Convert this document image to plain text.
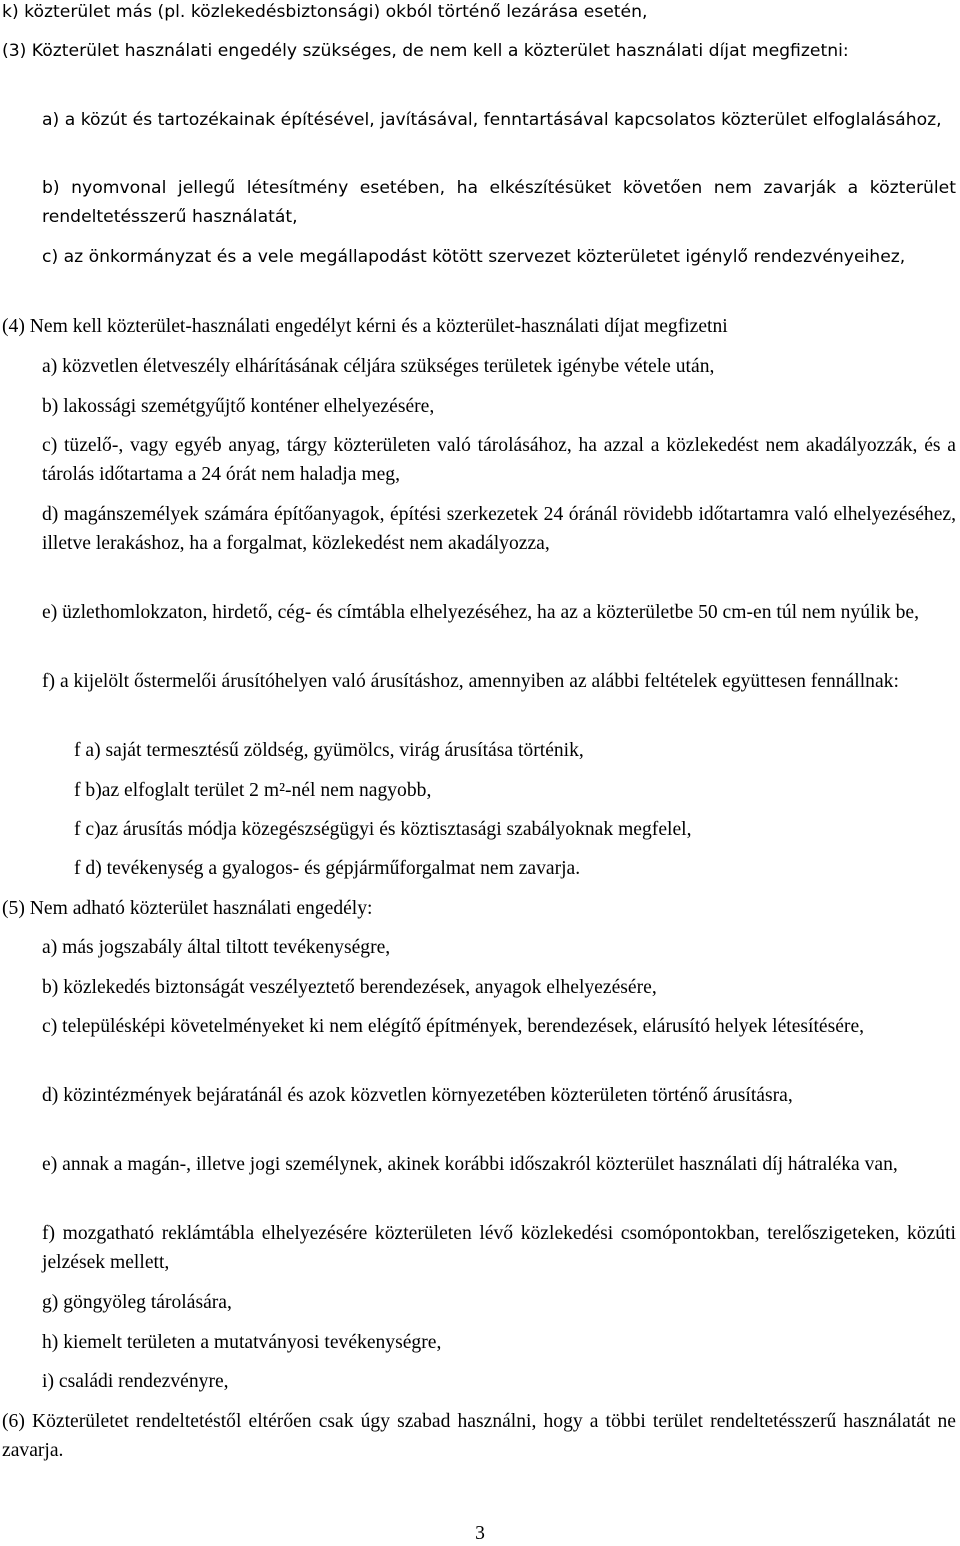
k) közterület más (pl. közlekedésbiztonsági) okból történő lezárása esetén,

(3) Közterület használati engedély szükséges, de nem kell a közterület használati díjat megfizetni:

a) a közút és tartozékainak építésével, javításával, fenntartásával kapcsolatos közterület elfoglalásához,

b) nyomvonal jellegű létesítmény esetében, ha elkészítésüket követően nem zavarják a közterület rendeltetésszerű használatát,

c) az önkormányzat és a vele megállapodást kötött szervezet közterületet igénylő rendezvényeihez,

(4) Nem kell közterület-használati engedélyt kérni és a közterület-használati díjat megfizetni

a) közvetlen életveszély elhárításának céljára szükséges területek igénybe vétele után,

b) lakossági szemétgyűjtő konténer elhelyezésére,

c) tüzelő-, vagy egyéb anyag, tárgy közterületen való tárolásához, ha azzal a közlekedést nem akadályozzák, és a tárolás időtartama a 24 órát nem haladja meg,

d) magánszemélyek számára építőanyagok, építési szerkezetek 24 óránál rövidebb időtartamra való elhelyezéséhez, illetve lerakáshoz, ha a forgalmat, közlekedést nem akadályozza,

e) üzlethomlokzaton, hirdető, cég- és címtábla elhelyezéséhez, ha az a közterületbe 50 cm-en túl nem nyúlik be,

f) a kijelölt őstermelői árusítóhelyen való árusításhoz, amennyiben az alábbi feltételek együttesen fennállnak:

f a) saját termesztésű zöldség, gyümölcs, virág árusítása történik,

f b)az elfoglalt terület 2 m²-nél nem nagyobb,

f c)az árusítás módja közegészségügyi és köztisztasági szabályoknak megfelel,

f d) tevékenység a gyalogos- és gépjárműforgalmat nem zavarja.

(5) Nem adható közterület használati engedély:

a) más jogszabály által tiltott tevékenységre,

b) közlekedés biztonságát veszélyeztető berendezések, anyagok elhelyezésére,

c) településképi követelményeket ki nem elégítő építmények, berendezések, elárusító helyek létesítésére,

d) közintézmények bejáratánál és azok közvetlen környezetében közterületen történő árusításra,

e) annak a magán-, illetve jogi személynek, akinek korábbi időszakról közterület használati díj hátraléka van,

f) mozgatható reklámtábla elhelyezésére közterületen lévő közlekedési csomópontokban, terelőszigeteken, közúti jelzések mellett,

g) göngyöleg tárolására,

h) kiemelt területen a mutatványosi tevékenységre,

i) családi rendezvényre,

(6) Közterületet rendeltetéstől eltérően csak úgy szabad használni, hogy a többi terület rendeltetésszerű használatát ne zavarja.

3
